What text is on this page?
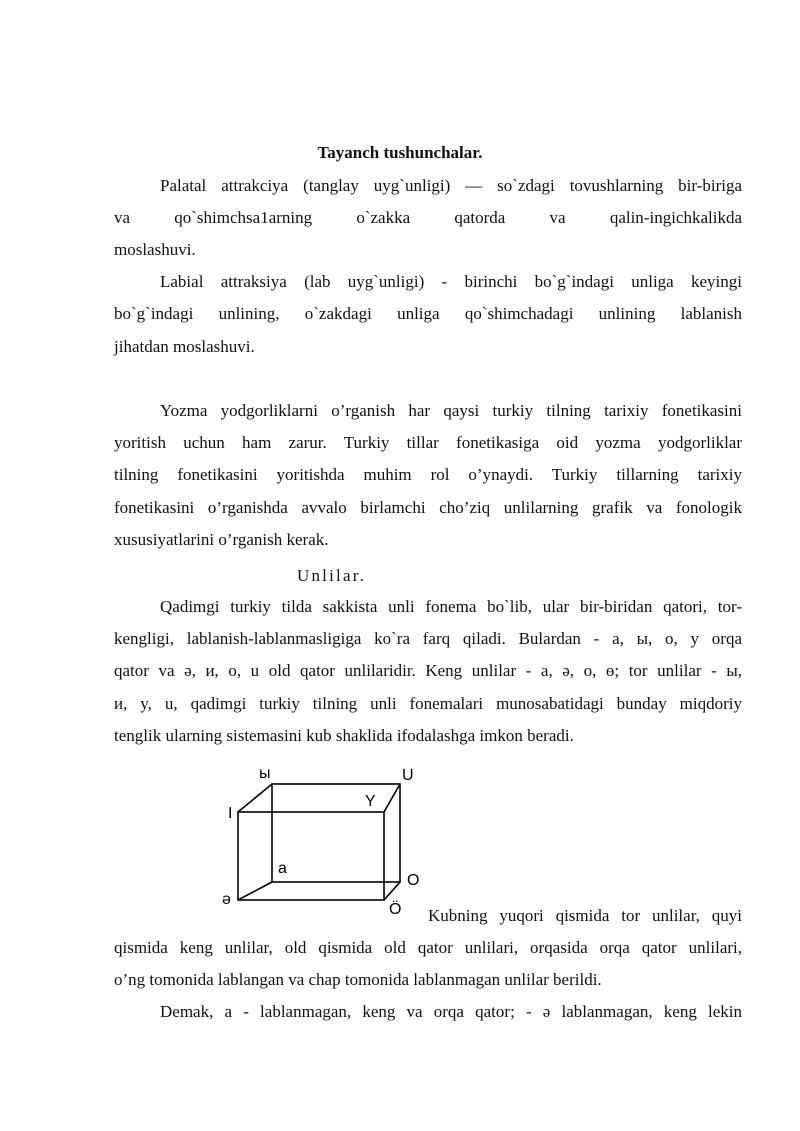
Tayanch tushunchalar.
Palatal attrakciya (tanglay uyg`unligi) — so`zdagi tovushlarning bir-biriga
va qo`shimchsa1arning o`zakka qatorda va qalin-ingichkalikda
moslashuvi.
Labial attraksiya (lab uyg`unligi) - birinchi bo`g`indagi unliga keyingi
bo`g`indagi unlining, o`zakdagi unliga qo`shimchadagi unlining lablanish
jihatdan moslashuvi.
Yozma yodgorliklarni o’rganish har qaysi turkiy tilning tarixiy fonetikasini
yoritish uchun ham zarur. Turkiy tillar fonetikasiga oid yozma yodgorliklar
tilning fonetikasini yoritishda muhim rol o’ynaydi. Turkiy tillarning tarixiy
fonetikasini o’rganishda avvalo birlamchi cho’ziq unlilarning grafik va fonologik
xususiyatlarini o’rganish kerak.
Unlilar.
Qadimgi turkiy tilda sakkista unli fonema bo`lib, ular bir-biridan qatori, tor-
kengligi, lablanish-lablanmasligiga ko`ra farq qiladi. Bulardan - a, ы, o, y orqa
qator va ə, и, o, u old qator unlilaridir. Keng unlilar - a, ə, o, ɵ; tor unlilar - ы,
и, y, u, qadimgi turkiy tilning unli fonemalari munosabatidagi bunday miqdoriy
tenglik ularning sistemasini kub shaklida ifodalashga imkon beradi.
ы	U
I
Y
a
O
ə
Ö Kubning yuqori qismida tor unlilar, quyi
qismida keng unlilar, old qismida old qator unlilari, orqasida orqa qator unlilari,
o’ng tomonida lablangan va chap tomonida lablanmagan unlilar berildi.
Demak, a - lablanmagan, keng va orqa qator; - ə lablanmagan, keng lekin
